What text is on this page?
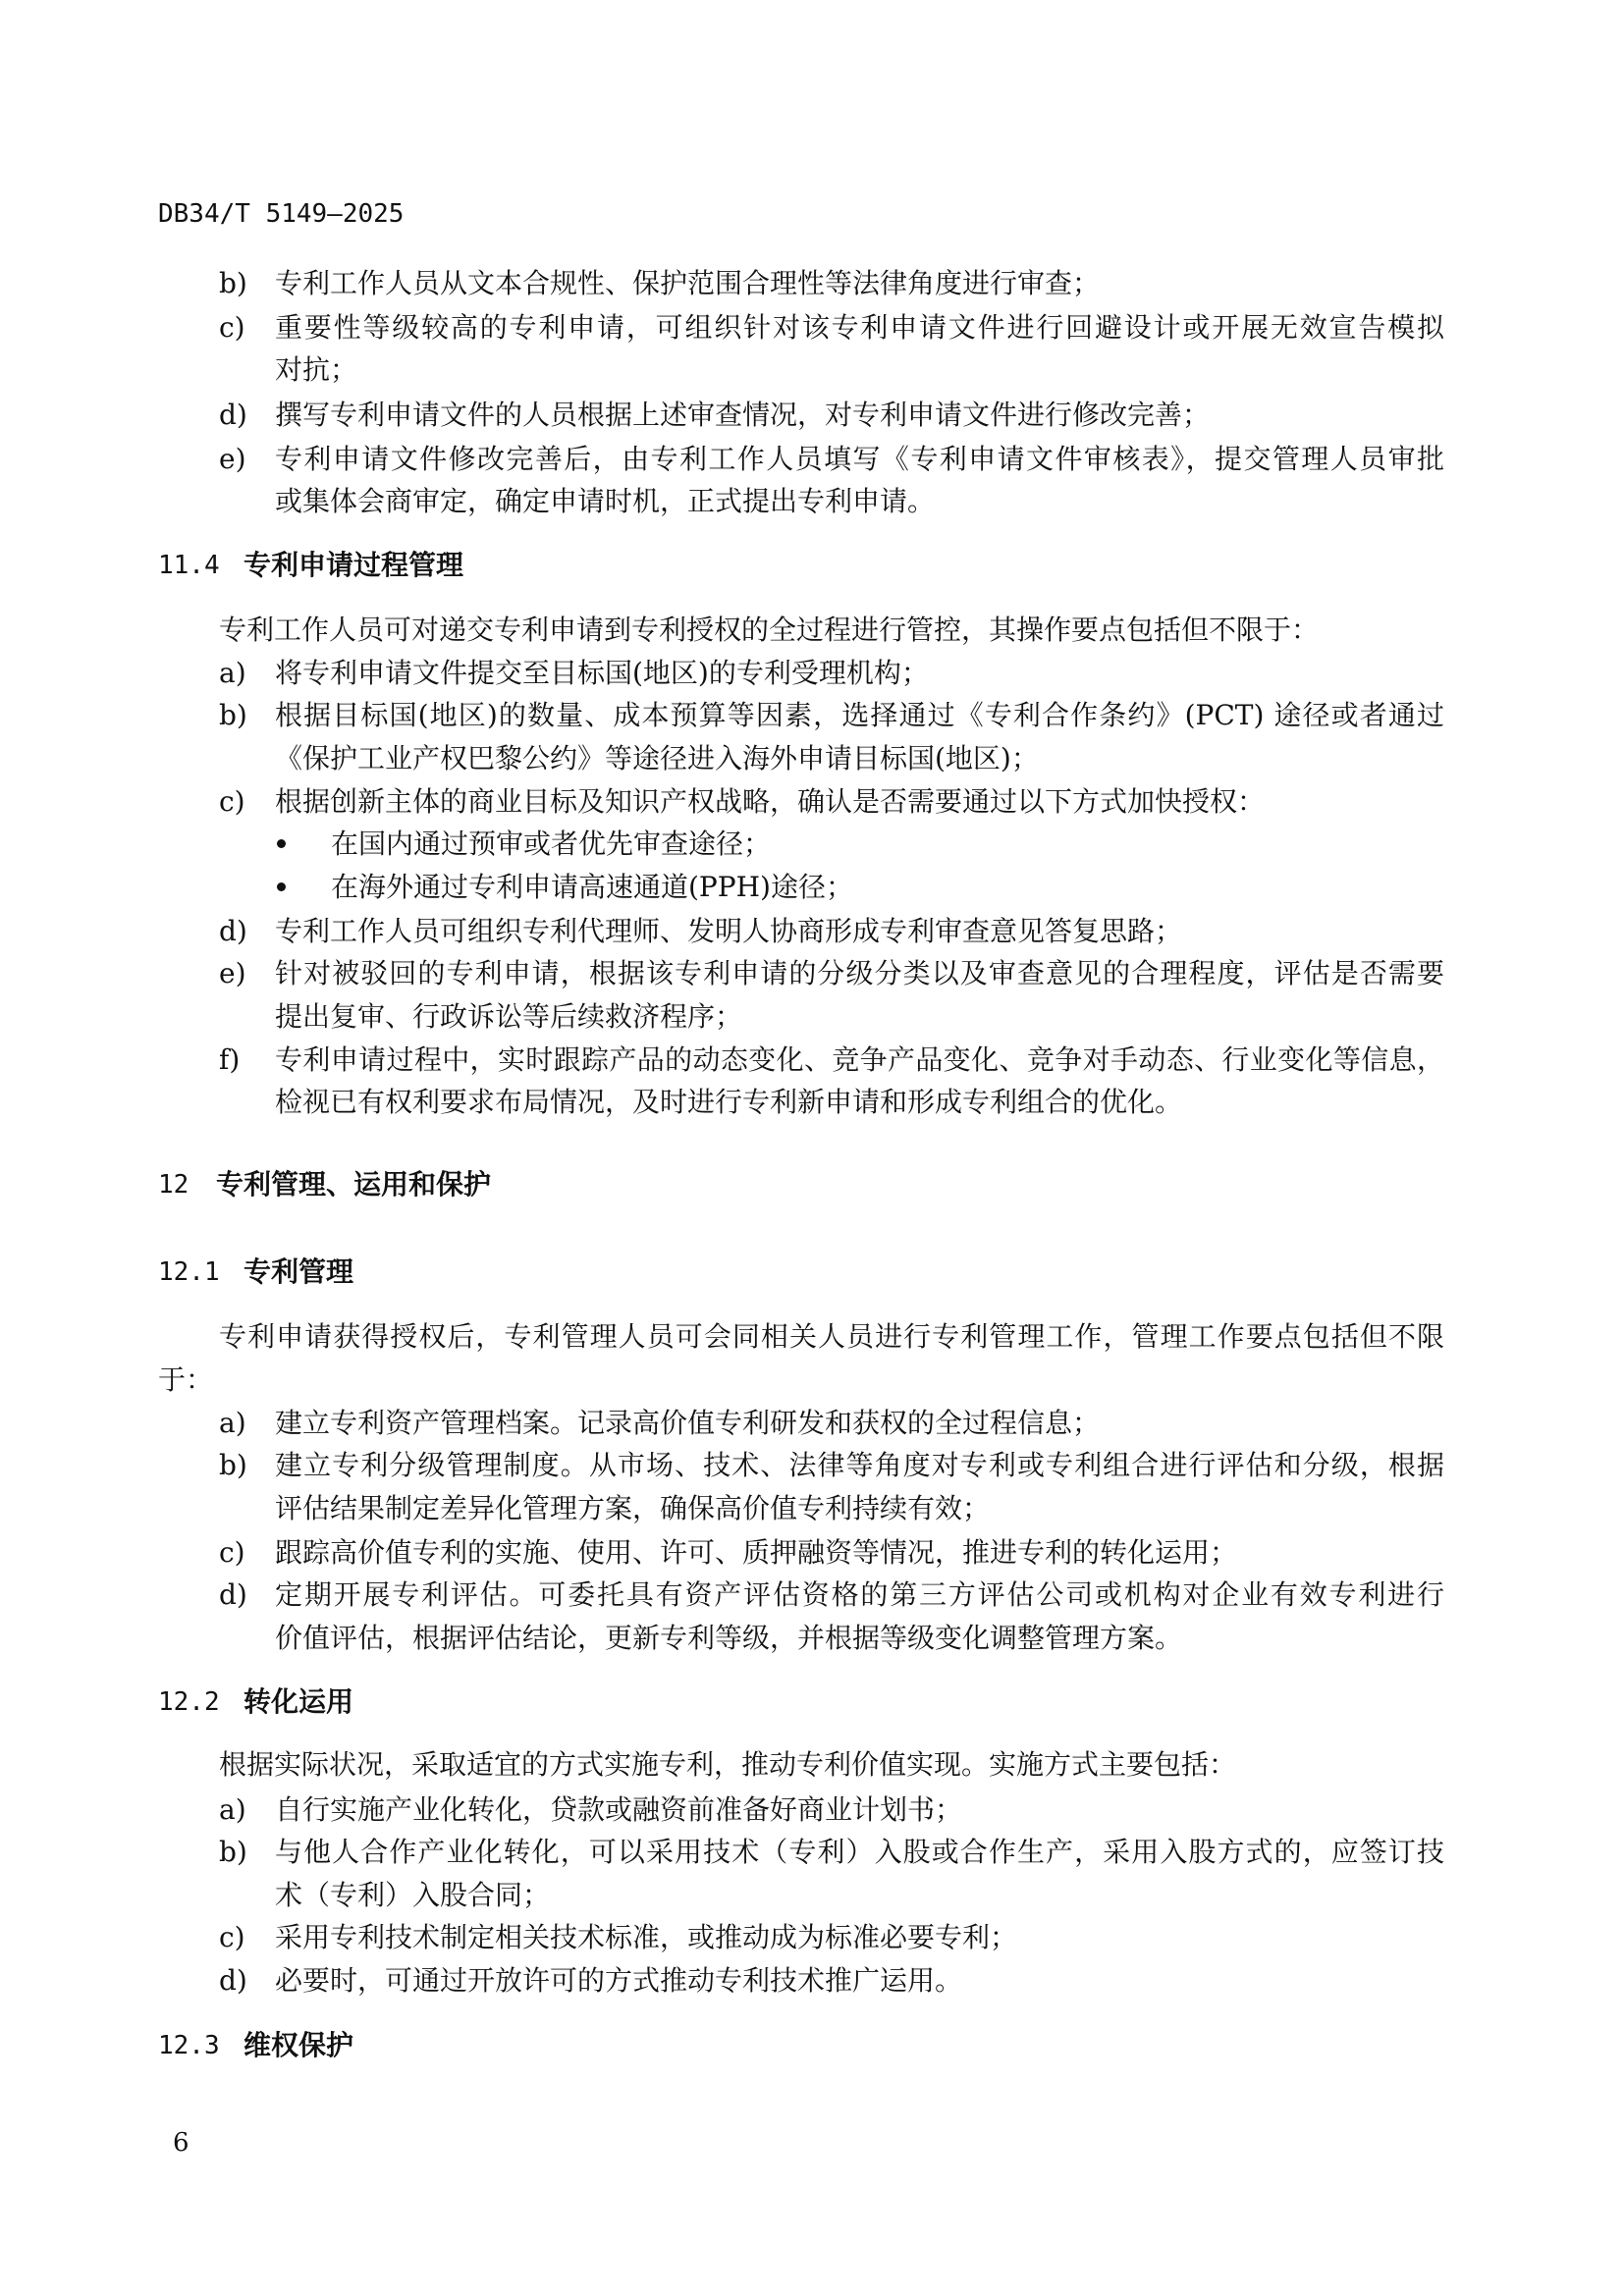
DB34/T 5149—2025
b) 专利工作人员从文本合规性、保护范围合理性等法律角度进行审查；
c) 重要性等级较高的专利申请，可组织针对该专利申请文件进行回避设计或开展无效宣告模拟
对抗；
d) 撰写专利申请文件的人员根据上述审查情况，对专利申请文件进行修改完善；
e) 专利申请文件修改完善后，由专利工作人员填写《专利申请文件审核表》，提交管理人员审批
或集体会商审定，确定申请时机，正式提出专利申请。
11.4 专利申请过程管理
专利工作人员可对递交专利申请到专利授权的全过程进行管控，其操作要点包括但不限于：
a) 将专利申请文件提交至目标国(地区)的专利受理机构；
b) 根据目标国(地区)的数量、成本预算等因素，选择通过《专利合作条约》(PCT) 途径或者通过
《保护工业产权巴黎公约》等途径进入海外申请目标国(地区)；
c) 根据创新主体的商业目标及知识产权战略，确认是否需要通过以下方式加快授权：
在国内通过预审或者优先审查途径；
在海外通过专利申请高速通道(PPH)途径；
d) 专利工作人员可组织专利代理师、发明人协商形成专利审查意见答复思路；
e) 针对被驳回的专利申请，根据该专利申请的分级分类以及审查意见的合理程度，评估是否需要
提出复审、行政诉讼等后续救济程序；
f) 专利申请过程中，实时跟踪产品的动态变化、竞争产品变化、竞争对手动态、行业变化等信息，
检视已有权利要求布局情况，及时进行专利新申请和形成专利组合的优化。
12 专利管理、运用和保护
12.1 专利管理
专利申请获得授权后，专利管理人员可会同相关人员进行专利管理工作，管理工作要点包括但不限
于：
a) 建立专利资产管理档案。记录高价值专利研发和获权的全过程信息；
b) 建立专利分级管理制度。从市场、技术、法律等角度对专利或专利组合进行评估和分级，根据
评估结果制定差异化管理方案，确保高价值专利持续有效；
c) 跟踪高价值专利的实施、使用、许可、质押融资等情况，推进专利的转化运用；
d) 定期开展专利评估。可委托具有资产评估资格的第三方评估公司或机构对企业有效专利进行
价值评估，根据评估结论，更新专利等级，并根据等级变化调整管理方案。
12.2 转化运用
根据实际状况，采取适宜的方式实施专利，推动专利价值实现。实施方式主要包括：
a) 自行实施产业化转化，贷款或融资前准备好商业计划书；
b) 与他人合作产业化转化，可以采用技术（专利）入股或合作生产，采用入股方式的，应签订技
术（专利）入股合同；
c) 采用专利技术制定相关技术标准，或推动成为标准必要专利；
d) 必要时，可通过开放许可的方式推动专利技术推广运用。
12.3 维权保护
6
